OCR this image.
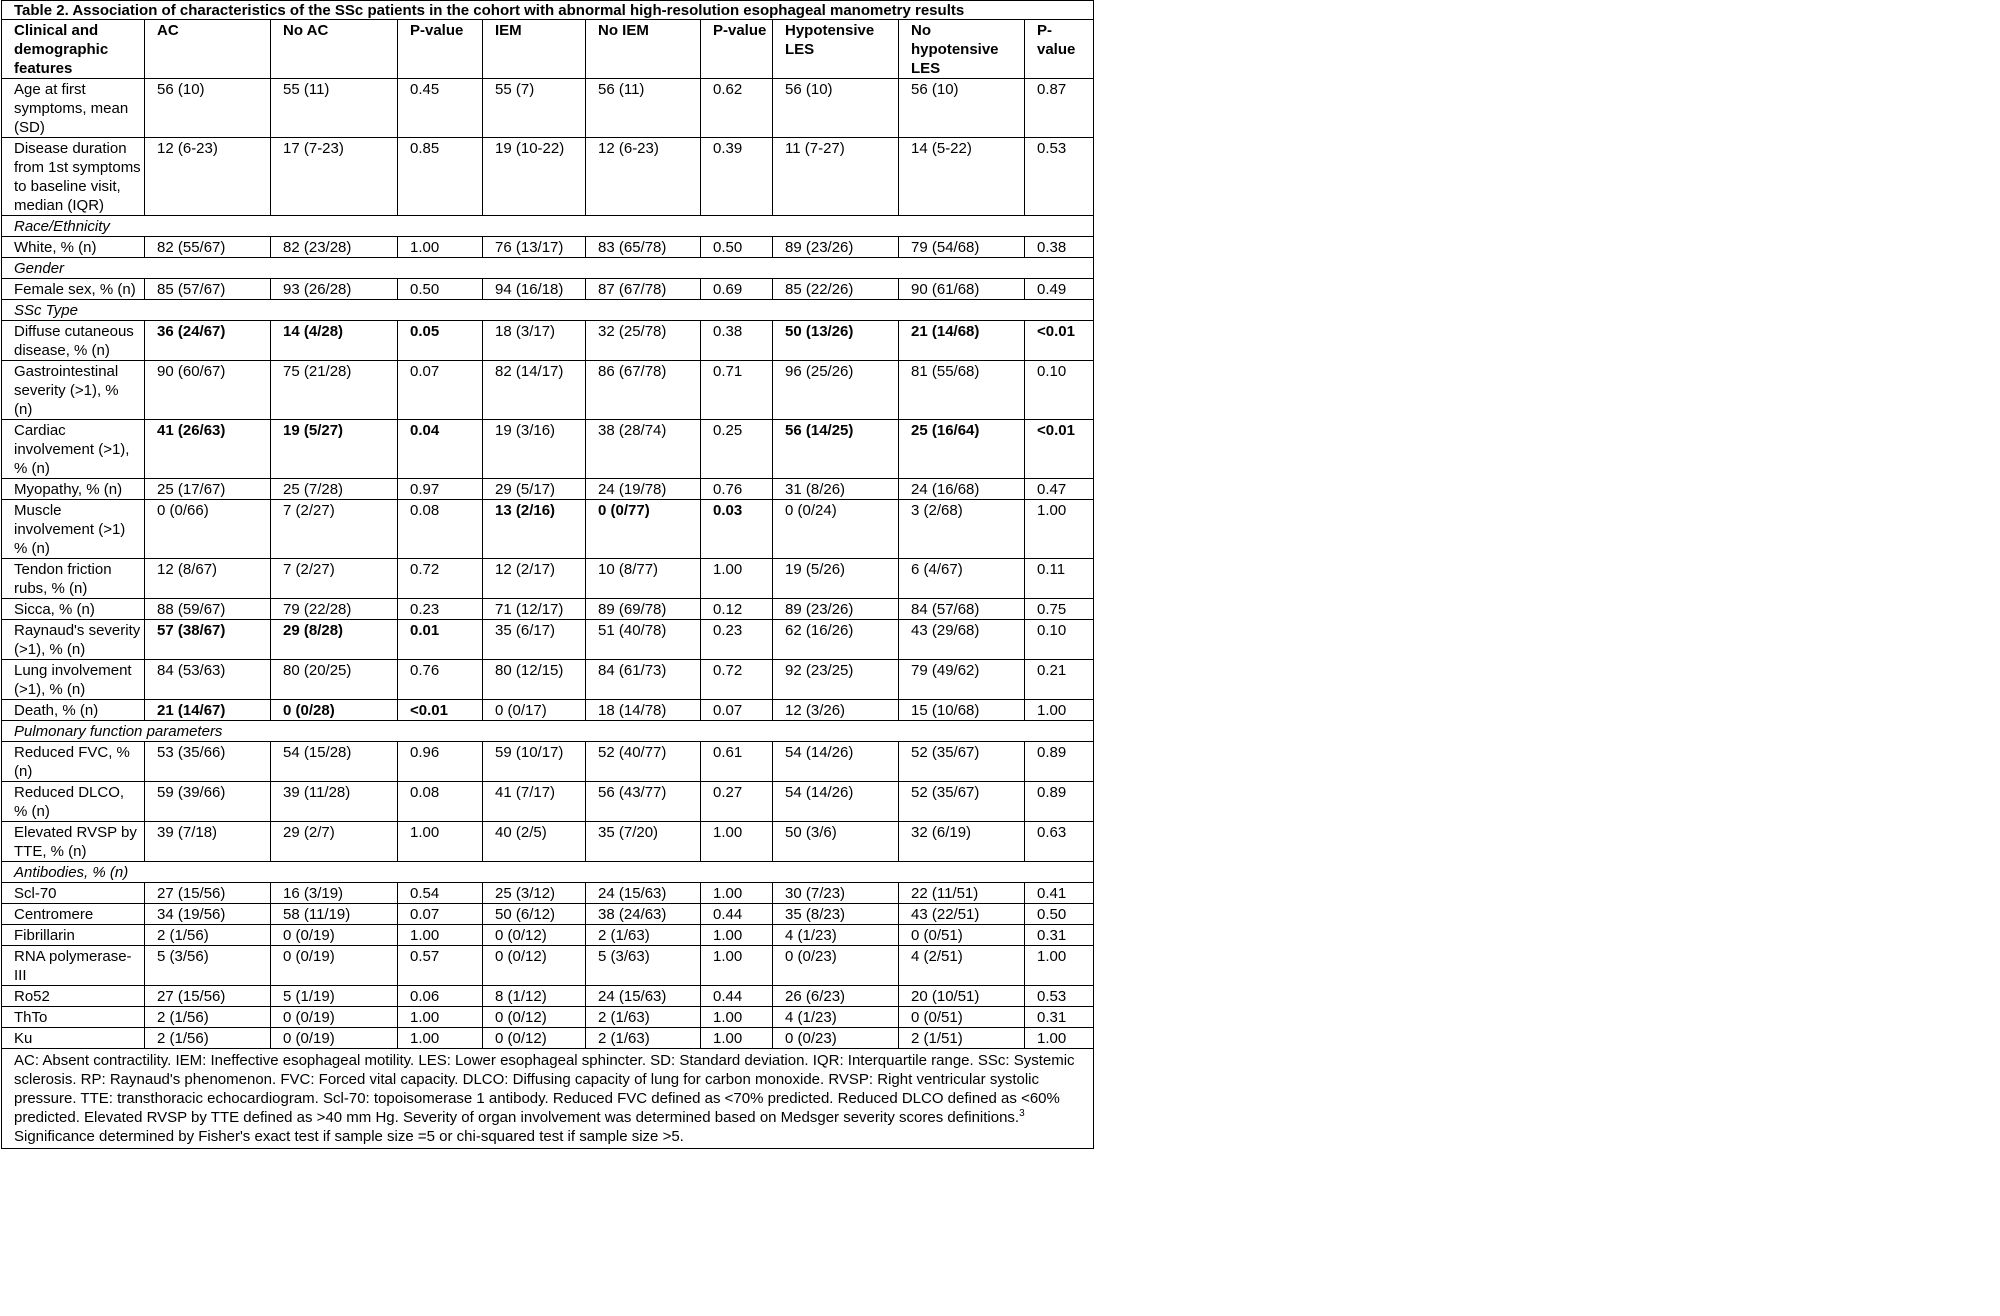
Table 2. Association of characteristics of the SSc patients in the cohort with abnormal high-resolution esophageal manometry results									
Clinical and demographic features	AC	No AC	P-value	IEM	No IEM	P-value	Hypotensive LES	No hypotensive LES	P-value
Age at first symptoms, mean (SD)	56 (10)	55 (11)	0.45	55 (7)	56 (11)	0.62	56 (10)	56 (10)	0.87
Disease duration from 1st symptoms to baseline visit, median (IQR)	12 (6-23)	17 (7-23)	0.85	19 (10-22)	12 (6-23)	0.39	11 (7-27)	14 (5-22)	0.53
Race/Ethnicity									
White, % (n)	82 (55/67)	82 (23/28)	1.00	76 (13/17)	83 (65/78)	0.50	89 (23/26)	79 (54/68)	0.38
Gender									
Female sex, % (n)	85 (57/67)	93 (26/28)	0.50	94 (16/18)	87 (67/78)	0.69	85 (22/26)	90 (61/68)	0.49
SSc Type									
Diffuse cutaneous disease, % (n)	36 (24/67)	14 (4/28)	0.05	18 (3/17)	32 (25/78)	0.38	50 (13/26)	21 (14/68)	<0.01
Gastrointestinal severity (>1), % (n)	90 (60/67)	75 (21/28)	0.07	82 (14/17)	86 (67/78)	0.71	96 (25/26)	81 (55/68)	0.10
Cardiac involvement (>1), % (n)	41 (26/63)	19 (5/27)	0.04	19 (3/16)	38 (28/74)	0.25	56 (14/25)	25 (16/64)	<0.01
Myopathy, % (n)	25 (17/67)	25 (7/28)	0.97	29 (5/17)	24 (19/78)	0.76	31 (8/26)	24 (16/68)	0.47
Muscle involvement (>1) % (n)	0 (0/66)	7 (2/27)	0.08	13 (2/16)	0 (0/77)	0.03	0 (0/24)	3 (2/68)	1.00
Tendon friction rubs, % (n)	12 (8/67)	7 (2/27)	0.72	12 (2/17)	10 (8/77)	1.00	19 (5/26)	6 (4/67)	0.11
Sicca, % (n)	88 (59/67)	79 (22/28)	0.23	71 (12/17)	89 (69/78)	0.12	89 (23/26)	84 (57/68)	0.75
Raynaud's severity (>1), % (n)	57 (38/67)	29 (8/28)	0.01	35 (6/17)	51 (40/78)	0.23	62 (16/26)	43 (29/68)	0.10
Lung involvement (>1), % (n)	84 (53/63)	80 (20/25)	0.76	80 (12/15)	84 (61/73)	0.72	92 (23/25)	79 (49/62)	0.21
Death, % (n)	21 (14/67)	0 (0/28)	<0.01	0 (0/17)	18 (14/78)	0.07	12 (3/26)	15 (10/68)	1.00
Pulmonary function parameters									
Reduced FVC, % (n)	53 (35/66)	54 (15/28)	0.96	59 (10/17)	52 (40/77)	0.61	54 (14/26)	52 (35/67)	0.89
Reduced DLCO, % (n)	59 (39/66)	39 (11/28)	0.08	41 (7/17)	56 (43/77)	0.27	54 (14/26)	52 (35/67)	0.89
Elevated RVSP by TTE, % (n)	39 (7/18)	29 (2/7)	1.00	40 (2/5)	35 (7/20)	1.00	50 (3/6)	32 (6/19)	0.63
Antibodies, % (n)									
Scl-70	27 (15/56)	16 (3/19)	0.54	25 (3/12)	24 (15/63)	1.00	30 (7/23)	22 (11/51)	0.41
Centromere	34 (19/56)	58 (11/19)	0.07	50 (6/12)	38 (24/63)	0.44	35 (8/23)	43 (22/51)	0.50
Fibrillarin	2 (1/56)	0 (0/19)	1.00	0 (0/12)	2 (1/63)	1.00	4 (1/23)	0 (0/51)	0.31
RNA polymerase-III	5 (3/56)	0 (0/19)	0.57	0 (0/12)	5 (3/63)	1.00	0 (0/23)	4 (2/51)	1.00
Ro52	27 (15/56)	5 (1/19)	0.06	8 (1/12)	24 (15/63)	0.44	26 (6/23)	20 (10/51)	0.53
ThTo	2 (1/56)	0 (0/19)	1.00	0 (0/12)	2 (1/63)	1.00	4 (1/23)	0 (0/51)	0.31
Ku	2 (1/56)	0 (0/19)	1.00	0 (0/12)	2 (1/63)	1.00	0 (0/23)	2 (1/51)	1.00
AC: Absent contractility. IEM: Ineffective esophageal motility. LES: Lower esophageal sphincter. SD: Standard deviation. IQR: Interquartile range. SSc: Systemic sclerosis. RP: Raynaud's phenomenon. FVC: Forced vital capacity. DLCO: Diffusing capacity of lung for carbon monoxide. RVSP: Right ventricular systolic pressure. TTE: transthoracic echocardiogram. Scl-70: topoisomerase 1 antibody. Reduced FVC defined as <70% predicted. Reduced DLCO defined as <60% predicted. Elevated RVSP by TTE defined as >40 mm Hg. Severity of organ involvement was determined based on Medsger severity scores definitions.$^3$ Significance determined by Fisher's exact test if sample size =5 or chi-squared test if sample size >5.									
